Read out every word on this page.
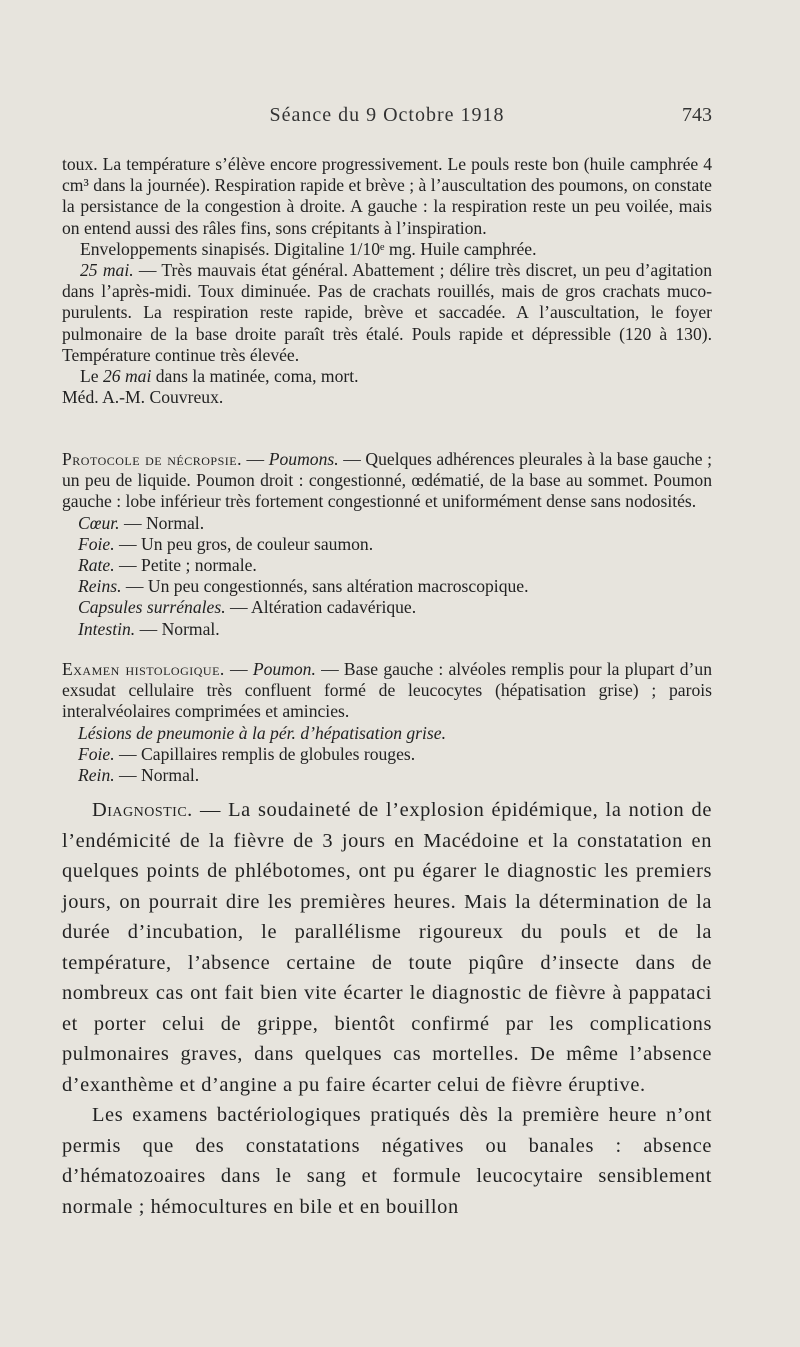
Séance du 9 Octobre 1918	743

toux. La température s’élève encore progressivement. Le pouls reste bon (huile camphrée 4 cm³ dans la journée). Respiration rapide et brève ; à l’auscultation des poumons, on constate la persistance de la congestion à droite. A gauche : la respiration reste un peu voilée, mais on entend aussi des râles fins, sons crépitants à l’inspiration.

Enveloppements sinapisés. Digitaline 1/10ᵉ mg. Huile camphrée.

25 mai. — Très mauvais état général. Abattement ; délire très discret, un peu d’agitation dans l’après-midi. Toux diminuée. Pas de crachats rouillés, mais de gros crachats muco-purulents. La respiration reste rapide, brève et saccadée. A l’auscultation, le foyer pulmonaire de la base droite paraît très étalé. Pouls rapide et dépressible (120 à 130). Température continue très élevée.

Le 26 mai dans la matinée, coma, mort.

Méd. A.-M. Couvreux.

Protocole de nécropsie. — Poumons. — Quelques adhérences pleurales à la base gauche ; un peu de liquide. Poumon droit : congestionné, œdématié, de la base au sommet. Poumon gauche : lobe inférieur très fortement congestionné et uniformément dense sans nodosités.

Cœur. — Normal.
Foie. — Un peu gros, de couleur saumon.
Rate. — Petite ; normale.
Reins. — Un peu congestionnés, sans altération macroscopique.
Capsules surrénales. — Altération cadavérique.
Intestin. — Normal.

Examen histologique. — Poumon. — Base gauche : alvéoles remplis pour la plupart d’un exsudat cellulaire très confluent formé de leucocytes (hépatisation grise) ; parois interalvéolaires comprimées et amincies.

Lésions de pneumonie à la pér. d’hépatisation grise.
Foie. — Capillaires remplis de globules rouges.
Rein. — Normal.

Diagnostic. — La soudaineté de l’explosion épidémique, la notion de l’endémicité de la fièvre de 3 jours en Macédoine et la constatation en quelques points de phlébotomes, ont pu égarer le diagnostic les premiers jours, on pourrait dire les premières heures. Mais la détermination de la durée d’incubation, le parallélisme rigoureux du pouls et de la température, l’absence certaine de toute piqûre d’insecte dans de nombreux cas ont fait bien vite écarter le diagnostic de fièvre à pappataci et porter celui de grippe, bientôt confirmé par les complications pulmonaires graves, dans quelques cas mortelles. De même l’absence d’exanthème et d’angine a pu faire écarter celui de fièvre éruptive.

Les examens bactériologiques pratiqués dès la première heure n’ont permis que des constatations négatives ou banales : absence d’hématozoaires dans le sang et formule leucocytaire sensiblement normale ; hémocultures en bile et en bouillon
